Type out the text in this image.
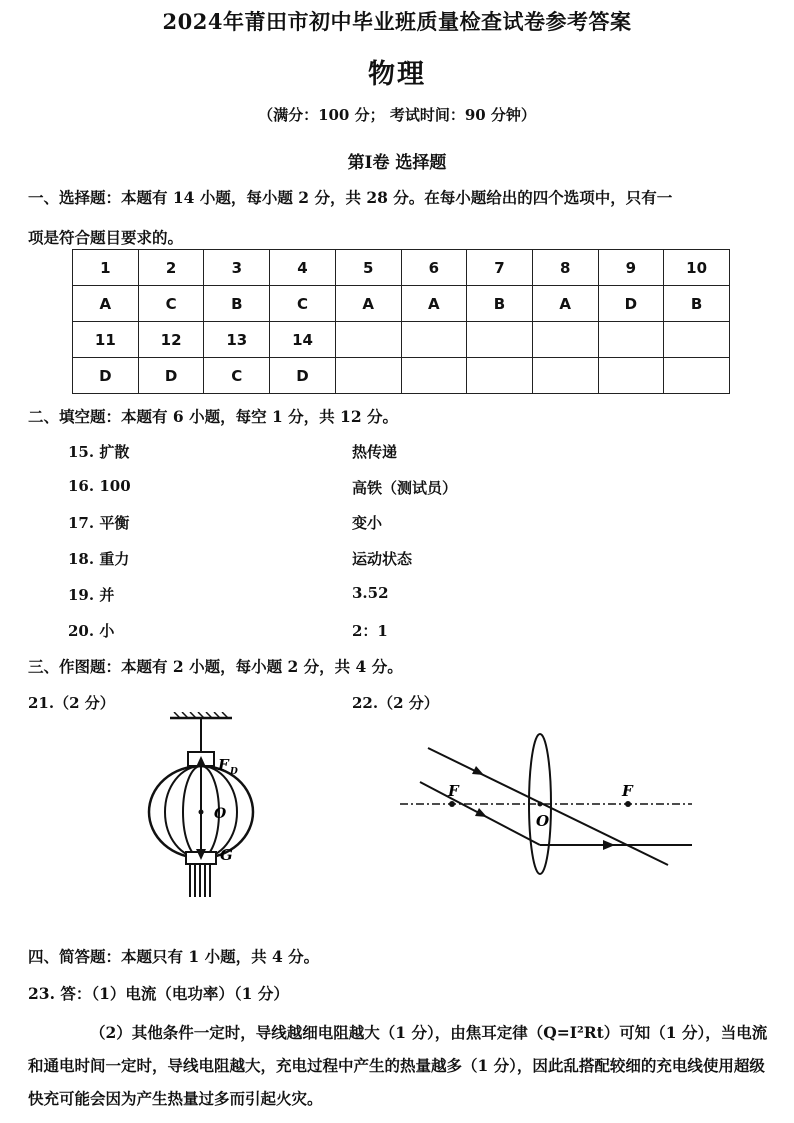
2024年莆田市初中毕业班质量检查试卷参考答案
物理
（满分：100 分； 考试时间：90 分钟）
第Ⅰ卷 选择题
一、选择题：本题有 14 小题，每小题 2 分，共 28 分。在每小题给出的四个选项中，只有一
项是符合题目要求的。
1	2	3	4	5	6	7	8	9	10
A	C	B	C	A	A	B	A	D	B
11	12	13	14						
D	D	C	D						
二、填空题：本题有 6 小题，每空 1 分，共 12 分。
15. 扩散	热传递
16. 100	高铁（测试员）
17. 平衡	变小
18. 重力	运动状态
19. 并	3.52
20. 小	2：1
三、作图题：本题有 2 小题，每小题 2 分，共 4 分。
21.（2 分）	22.（2 分）
F D
O
G
F	F
O
四、简答题：本题只有 1 小题，共 4 分。
23. 答：（1）电流（电功率）（1 分）
（2）其他条件一定时，导线越细电阻越大（1 分），由焦耳定律（Q=I²Rt）可知（1 分），当电流和通电时间一定时，导线电阻越大，充电过程中产生的热量越多（1 分），因此乱搭配较细的充电线使用超级快充可能会因为产生热量过多而引起火灾。
